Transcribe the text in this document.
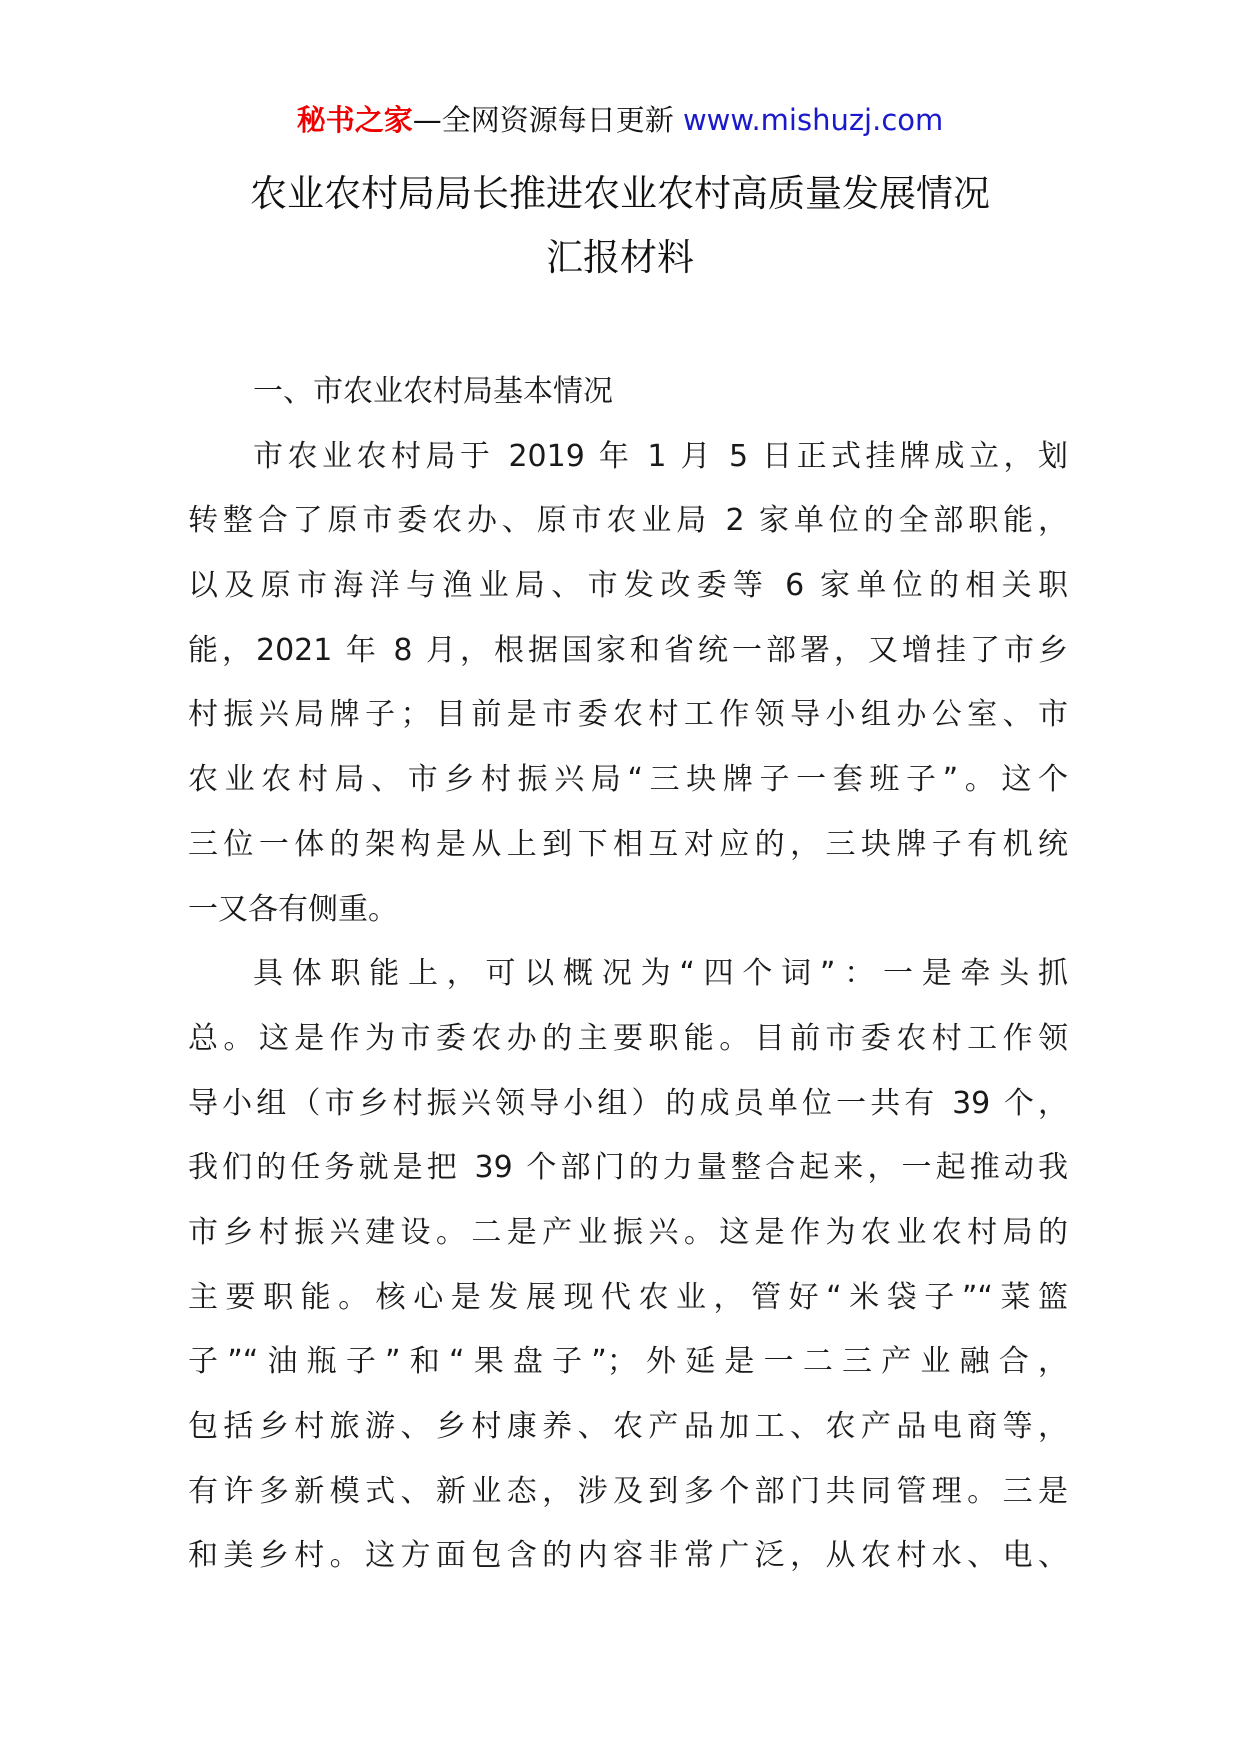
秘书之家—全网资源每日更新 www.mishuzj.com
农业农村局局长推进农业农村高质量发展情况
汇报材料
一、市农业农村局基本情况
市农业农村局于 2019 年 1 月 5 日正式挂牌成立，划
转整合了原市委农办、原市农业局 2 家单位的全部职能，
以及原市海洋与渔业局、市发改委等 6 家单位的相关职
能，2021 年 8 月，根据国家和省统一部署，又增挂了市乡
村振兴局牌子；目前是市委农村工作领导小组办公室、市
农业农村局、市乡村振兴局“三块牌子一套班子”。这个
三位一体的架构是从上到下相互对应的，三块牌子有机统
一又各有侧重。
具体职能上，可以概况为“四个词”：一是牵头抓
总。这是作为市委农办的主要职能。目前市委农村工作领
导小组（市乡村振兴领导小组）的成员单位一共有 39 个，
我们的任务就是把 39 个部门的力量整合起来，一起推动我
市乡村振兴建设。二是产业振兴。这是作为农业农村局的
主要职能。核心是发展现代农业，管好“米袋子”“菜篮
子”“油瓶子”和“果盘子”；外延是一二三产业融合，
包括乡村旅游、乡村康养、农产品加工、农产品电商等，
有许多新模式、新业态，涉及到多个部门共同管理。三是
和美乡村。这方面包含的内容非常广泛，从农村水、电、
